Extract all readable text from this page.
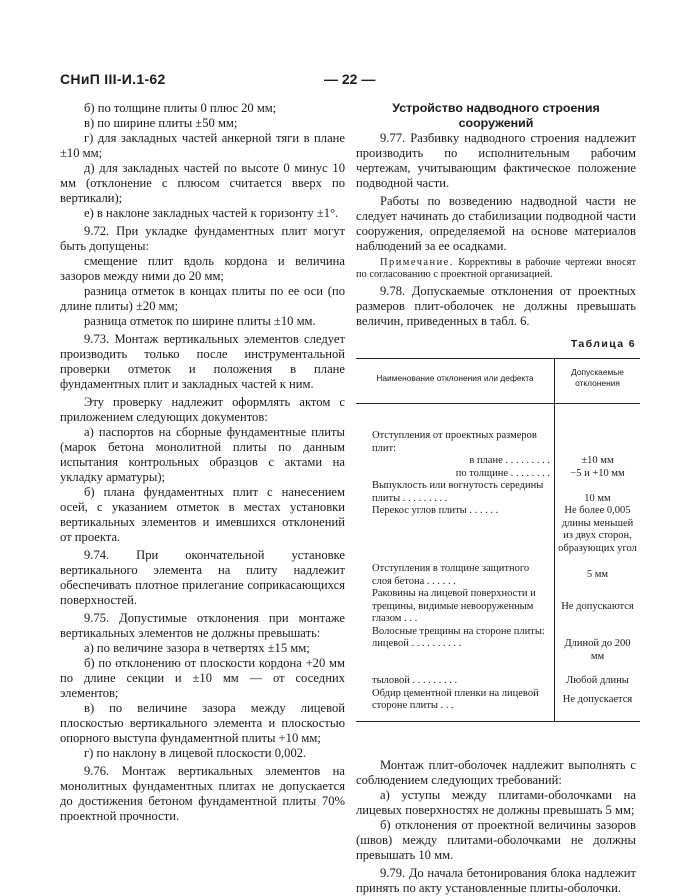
СНиП III-И.1-62	— 22 —

б) по толщине плиты 0 плюс 20 мм;

в) по ширине плиты ±50 мм;

г) для закладных частей анкерной тяги в плане ±10 мм;

д) для закладных частей по высоте 0 минус 10 мм (отклонение с плюсом считается вверх по вертикали);

е) в наклоне закладных частей к горизонту ±1°.

9.72. При укладке фундаментных плит могут быть допущены:

смещение плит вдоль кордона и величина зазоров между ними до 20 мм;

разница отметок в концах плиты по ее оси (по длине плиты) ±20 мм;

разница отметок по ширине плиты ±10 мм.

9.73. Монтаж вертикальных элементов следует производить только после инструментальной проверки отметок и положения в плане фундаментных плит и закладных частей к ним.

Эту проверку надлежит оформлять актом с приложением следующих документов:

а) паспортов на сборные фундаментные плиты (марок бетона монолитной плиты по данным испытания контрольных образцов с актами на укладку арматуры);

б) плана фундаментных плит с нанесением осей, с указанием отметок в местах установки вертикальных элементов и имевшихся отклонений от проекта.

9.74. При окончательной установке вертикального элемента на плиту надлежит обеспечивать плотное прилегание соприкасающихся поверхностей.

9.75. Допустимые отклонения при монтаже вертикальных элементов не должны превышать:

а) по величине зазора в четвертях ±15 мм;

б) по отклонению от плоскости кордона +20 мм по длине секции и ±10 мм — от соседних элементов;

в) по величине зазора между лицевой плоскостью вертикального элемента и плоскостью опорного выступа фундаментной плиты +10 мм;

г) по наклону в лицевой плоскости 0,002.

9.76. Монтаж вертикальных элементов на монолитных фундаментных плитах не допускается до достижения бетоном фундаментной плиты 70% проектной прочности.

Устройство надводного строения сооружений

9.77. Разбивку надводного строения надлежит производить по исполнительным рабочим чертежам, учитывающим фактическое положение подводной части.

Работы по возведению надводной части не следует начинать до стабилизации подводной части сооружения, определяемой на основе материалов наблюдений за ее осадками.

Примечание. Коррективы в рабочие чертежи вносят по согласованию с проектной организацией.

9.78. Допускаемые отклонения от проектных размеров плит-оболочек не должны превышать величин, приведенных в табл. 6.

Таблица 6

Наименование отклонения или дефекта	Допускаемые отклонения
Отступления от проектных размеров плит:	
в плане . . . . . . . . .	±10 мм
по толщине . . . . . . . .	−5 и +10 мм
Выпуклость или вогнутость середины плиты . . . . . . . . .	10 мм
Перекос углов плиты . . . . . .	Не более 0,005 длины меньшей из двух сторон, образующих угол
Отступления в толщине защитного слоя бетона . . . . . .	5 мм
Раковины на лицевой поверхности и трещины, видимые невооруженным глазом . . .	Не допускаются
Волосные трещины на стороне плиты:	
лицевой . . . . . . . . . .	Длиной до 200 мм
тыловой . . . . . . . . .	Любой длины
Обдир цементной пленки на лицевой стороне плиты . . .	Не допускается

Монтаж плит-оболочек надлежит выполнять с соблюдением следующих требований:

а) уступы между плитами-оболочками на лицевых поверхностях не должны превышать 5 мм;

б) отклонения от проектной величины зазоров (швов) между плитами-оболочками не должны превышать 10 мм.

9.79. До начала бетонирования блока надлежит принять по акту установленные плиты-оболочки.
